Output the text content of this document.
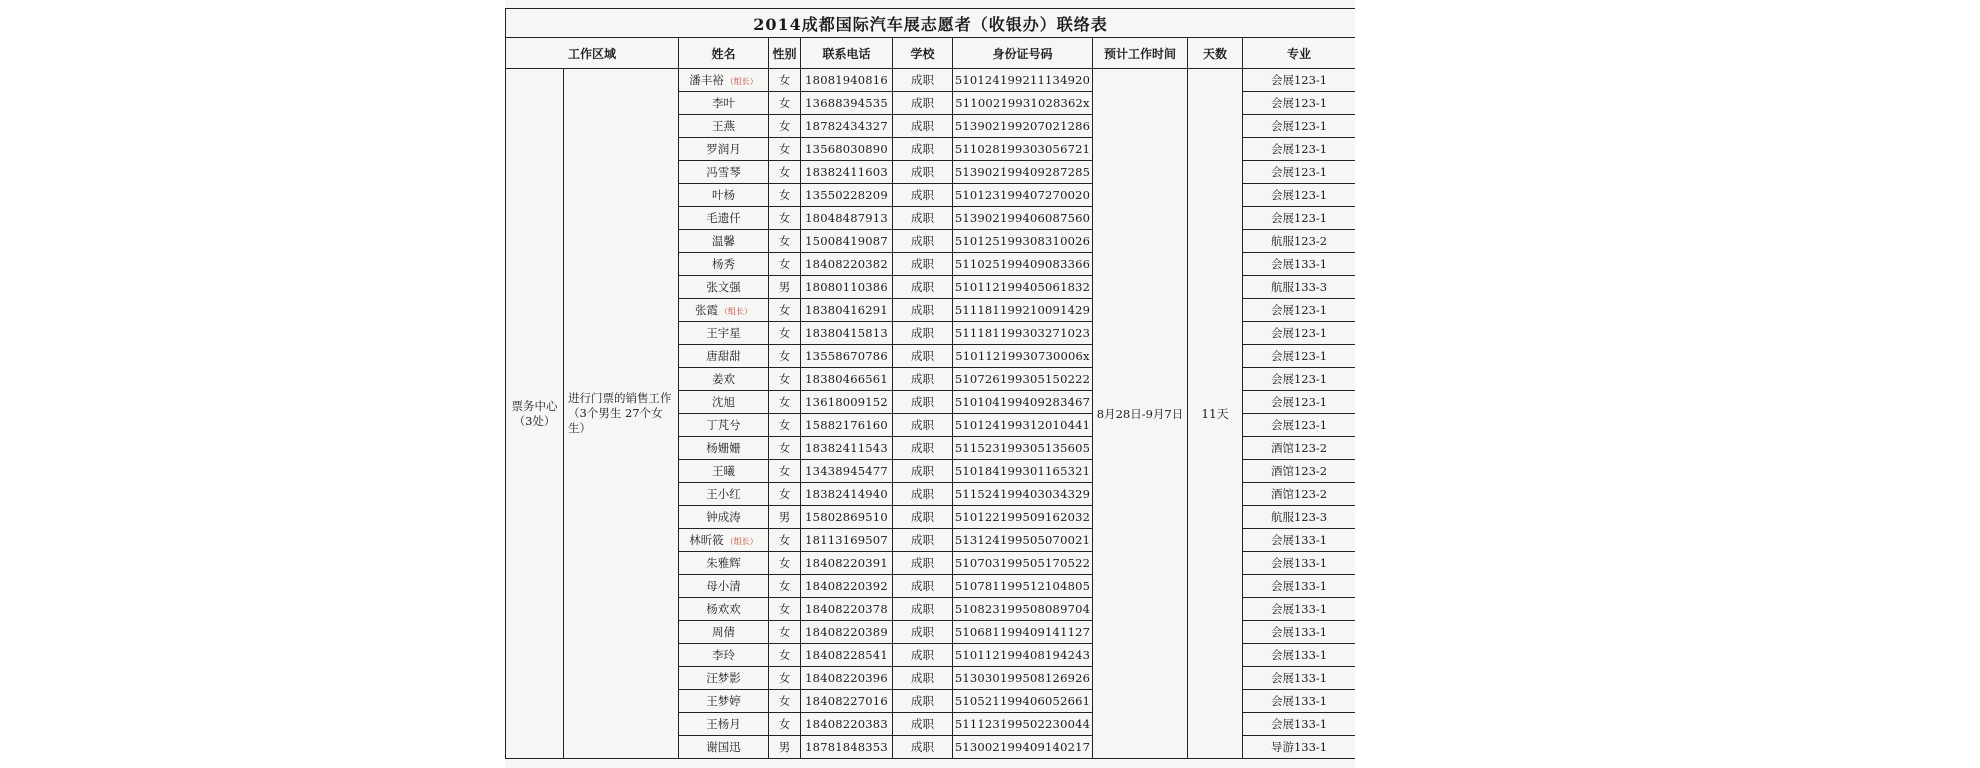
2014成都国际汽车展志愿者（收银办）联络表									
工作区域		姓名	性别	联系电话	学校	身份证号码	预计工作时间	天数	专业
票务中心（3处）	进行门票的销售工作（3个男生 27个女生）	潘丰裕 （组长）	女	18081940816	成职	510124199211134920	8月28日-9月7日	11天	会展123-1
		李叶	女	13688394535	成职	51100219931028362x			会展123-1
		王燕	女	18782434327	成职	513902199207021286			会展123-1
		罗润月	女	13568030890	成职	511028199303056721			会展123-1
		冯雪琴	女	18382411603	成职	513902199409287285			会展123-1
		叶杨	女	13550228209	成职	510123199407270020			会展123-1
		毛遗仟	女	18048487913	成职	513902199406087560			会展123-1
		温馨	女	15008419087	成职	510125199308310026			航服123-2
		杨秀	女	18408220382	成职	511025199409083366			会展133-1
		张文强	男	18080110386	成职	510112199405061832			航服133-3
		张霞 （组长）	女	18380416291	成职	511181199210091429			会展123-1
		王宇星	女	18380415813	成职	511181199303271023			会展123-1
		唐甜甜	女	13558670786	成职	51011219930730006x			会展123-1
		姜欢	女	18380466561	成职	510726199305150222			会展123-1
		沈旭	女	13618009152	成职	510104199409283467			会展123-1
		丁芃兮	女	15882176160	成职	510124199312010441			会展123-1
		杨姗姗	女	18382411543	成职	511523199305135605			酒馆123-2
		王曦	女	13438945477	成职	510184199301165321			酒馆123-2
		王小红	女	18382414940	成职	511524199403034329			酒馆123-2
		钟成涛	男	15802869510	成职	510122199509162032			航服123-3
		林昕筱 （组长）	女	18113169507	成职	513124199505070021			会展133-1
		朱雅辉	女	18408220391	成职	510703199505170522			会展133-1
		母小清	女	18408220392	成职	510781199512104805			会展133-1
		杨欢欢	女	18408220378	成职	510823199508089704			会展133-1
		周倩	女	18408220389	成职	510681199409141127			会展133-1
		李玲	女	18408228541	成职	510112199408194243			会展133-1
		汪梦影	女	18408220396	成职	513030199508126926			会展133-1
		王梦婷	女	18408227016	成职	510521199406052661			会展133-1
		王杨月	女	18408220383	成职	511123199502230044			会展133-1
		谢国迅	男	18781848353	成职	513002199409140217			导游133-1
